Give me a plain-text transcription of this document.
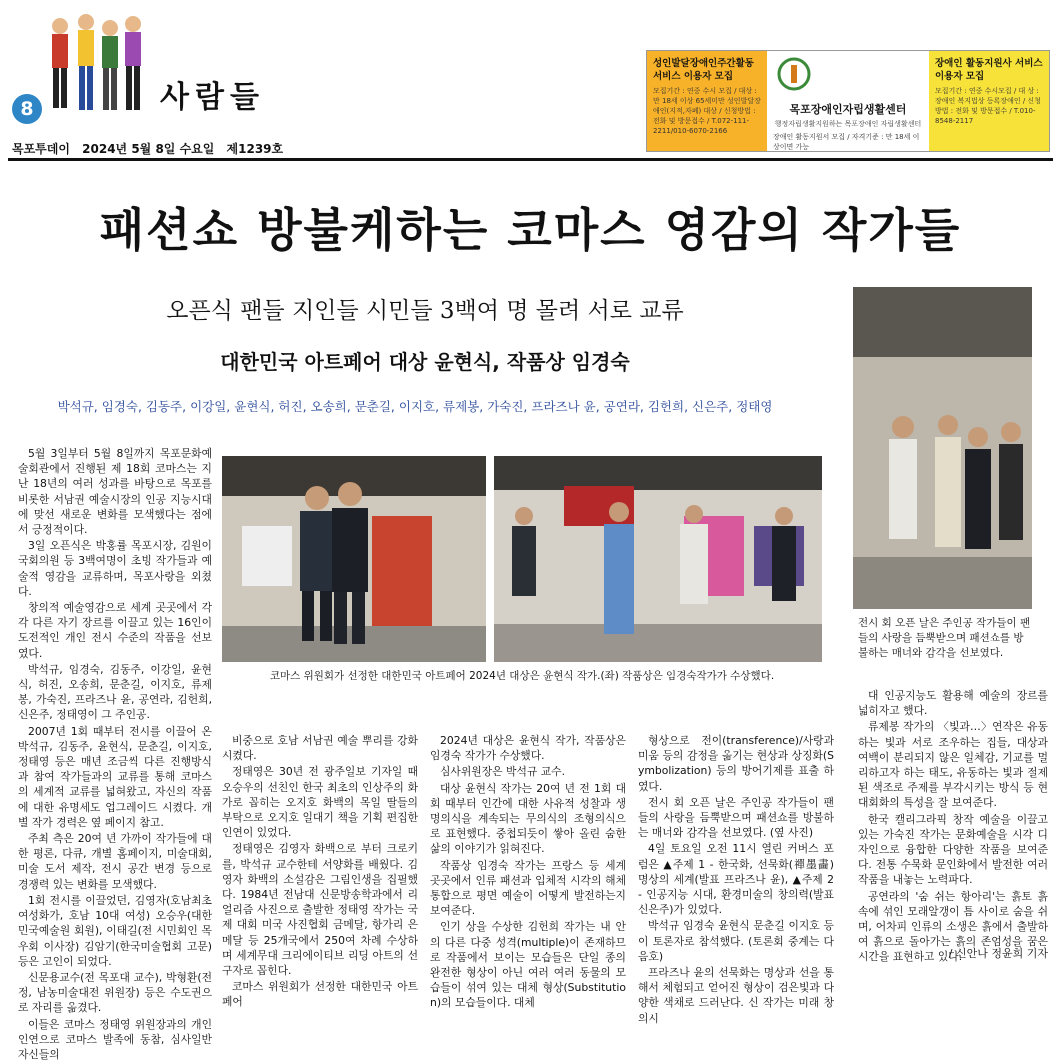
8	사람들
목포투데이 2024년 5월 8일 수요일 제1239호
성인발달장애인주간활동 서비스 이용자 모집
모집기간 : 연중 수시 모집 / 대상 : 만 18세 이상 65세미만 성인발달장애인(지적,자폐) 대상 / 신청방법 : 전화 및 방문접수 / T.072-111-2211/010-6070-2166
목포장애인자립생활센터
행정자립생활지원하는 목포장애인 자립생활센터
장애인 활동지원서 모집 / 자격기준 : 만 18세 이상이면 가능
장애인 활동지원사 서비스 이용자 모집
모집기간 : 연중 수시모집 / 대 상 : 장애인 복지법상 등록장애인 / 신청방법 : 전화 및 방문접수 / T.010-8548-2117
패션쇼 방불케하는 코마스 영감의 작가들
오픈식 팬들 지인들 시민들 3백여 명 몰려 서로 교류
대한민국 아트페어 대상 윤현식, 작품상 임경숙
박석규, 임경숙, 김동주, 이강일, 윤현식, 허진, 오송희, 문춘길, 이지호, 류제봉, 가숙진, 프라즈나 윤, 공연라, 김헌희, 신은주, 정태영
코마스 위원회가 선정한 대한민국 아트페어 2024년 대상은 윤현식 작가.(좌) 작품상은 임경숙작가가 수상했다.
전시 회 오픈 날은 주인공 작가들이 팬들의 사랑을 듬뿍받으며 패션쇼를 방불하는 매너와 감각을 선보였다.

5월 3일부터 5월 8일까지 목포문화예술회관에서 진행된 제 18회 코마스는 지난 18년의 여러 성과를 바탕으로 목포를 비롯한 서남권 예술시장의 인공 지능시대에 맞선 새로운 변화를 모색했다는 점에서 긍정적이다.

3일 오픈식은 박홍률 목포시장, 김원이 국회의원 등 3백여명이 초빙 작가들과 예술적 영감을 교류하며, 목포사랑을 외쳤다.

창의적 예술영감으로 세계 곳곳에서 각각 다른 자기 장르를 이끌고 있는 16인이 도전적인 개인 전시 수준의 작품을 선보였다.

박석규, 임경숙, 김동주, 이강일, 윤현식, 허진, 오송희, 문춘길, 이지호, 류제봉, 가숙진, 프라즈나 윤, 공연라, 김헌희, 신은주, 정태영이 그 주인공.

2007년 1회 때부터 전시를 이끌어 온 박석규, 김동주, 윤현식, 문춘길, 이지호, 정태영 등은 매년 조금씩 다른 진행방식과 참여 작가들과의 교류를 통해 코마스의 세계적 교류를 넓혀왔고, 자신의 작품에 대한 유명세도 업그레이드 시켰다. 개별 작가 경력은 옆 페이지 참고.

주최 측은 20여 년 가까이 작가들에 대한 평론, 다큐, 개별 홈페이지, 미술대회, 미술 도서 제작, 전시 공간 변경 등으로 경쟁력 있는 변화를 모색했다.

1회 전시를 이끌었던, 김영자(호남최초 여성화가, 호남 10대 여성) 오승우(대한민국예술원 회원), 이태길(전 시민회인 목우회 이사장) 김암기(한국미술협회 고문) 등은 고인이 되었다.

신문용교수(전 목포대 교수), 박형환(전정, 남농미술대전 위원장) 등은 수도권으로 자리를 옮겼다.

이들은 코마스 정태영 위원장과의 개인인연으로 코마스 발족에 동참, 심사일반 자신들의

비중으로 호남 서남권 예술 뿌리를 강화시켰다.

정태영은 30년 전 광주일보 기자일 때 오승우의 선친인 한국 최초의 인상주의 화가로 꼽히는 오지호 화백의 목일 딸들의 부탁으로 오지호 일대기 책을 기획 편집한 인연이 있었다.

정태영은 김영자 화백으로 부터 크로키를, 박석규 교수한테 서양화를 배웠다. 김영자 화백의 소설감은 그림인생을 집필했다. 1984년 전남대 신문방송학과에서 리얼리즘 사진으로 출발한 정태영 작가는 국제 대회 미국 사진협회 금메달, 항가리 은메달 등 25개국에서 250여 차례 수상하며 세계무대 크리에이티브 리딩 아트의 선구자로 꼽힌다.

코마스 위원회가 선정한 대한민국 아트페어

2024년 대상은 윤현식 작가, 작품상은 임경숙 작가가 수상했다.

심사위원장은 박석규 교수.

대상 윤현식 작가는 20여 년 전 1회 대회 때부터 인간에 대한 사유적 성찰과 생명의식을 계속되는 무의식의 조형의식으로 표현했다. 중첩되듯이 쌓아 올린 숨한 삶의 이야기가 읽혀진다.

작품상 임경숙 작가는 프랑스 등 세계 곳곳에서 인류 패션과 입체적 시각의 해체 통합으로 평면 예술이 어떻게 발전하는지 보여준다.

인기 상을 수상한 김헌희 작가는 내 안의 다른 다중 성격(multiple)이 존재하므로 작품에서 보이는 모습들은 단일 종의 완전한 형상이 아닌 여러 여러 동물의 모습들이 섞여 있는 대체 형상(Substitution)의 모습들이다. 대체

형상으로 전이(transference)/사랑과 미움 등의 감정을 옮기는 현상과 상징화(Symbolization) 등의 방어기제를 표출 하였다.

전시 회 오픈 날은 주인공 작가들이 팬들의 사랑을 듬뿍받으며 패션쇼를 방불하는 매너와 감각을 선보였다. (옆 사진)

4일 토요일 오전 11시 열린 커버스 포럼은 ▲주제 1 - 한국화, 선묵화(禪墨畵) 명상의 세계(발표 프라즈나 윤), ▲주제 2 - 인공지능 시대, 환경미술의 창의력(발표 신은주)가 있었다.

박석규 임경숙 윤현식 문춘길 이지호 등이 토론자로 참석했다. (토론회 중계는 다음호)

프라즈나 윤의 선묵화는 명상과 선을 통해서 체험되고 얻어진 형상이 검은빛과 다양한 색채로 드러난다. 신 작가는 미래 창의시

대 인공지능도 활용해 예술의 장르를 넓히자고 했다.

류제봉 작가의 〈빛과…〉연작은 유동하는 빛과 서로 조우하는 집들, 대상과 여백이 분리되지 않은 일체감, 기교를 멀리하고자 하는 태도, 유동하는 빛과 절제된 색조로 주제를 부각시키는 방식 등 현대회화의 특성을 잘 보여준다.

한국 캘리그라픽 창작 예술을 이끌고 있는 가숙진 작가는 문화예술을 시각 디자인으로 융합한 다양한 작품을 보여준다. 전통 수묵화 문인화에서 발전한 여러 작품을 내놓는 노력파다.

공연라의 '숨 쉬는 항아리'는 흙토 흙 속에 섞인 모래알갱이 틈 사이로 숨을 쉬며, 어차피 인류의 소생은 흙에서 출발하여 흙으로 돌아가는 흙의 존엄성을 꿈은 시간을 표현하고 있다.

/ 신안나 정윤희 기자
